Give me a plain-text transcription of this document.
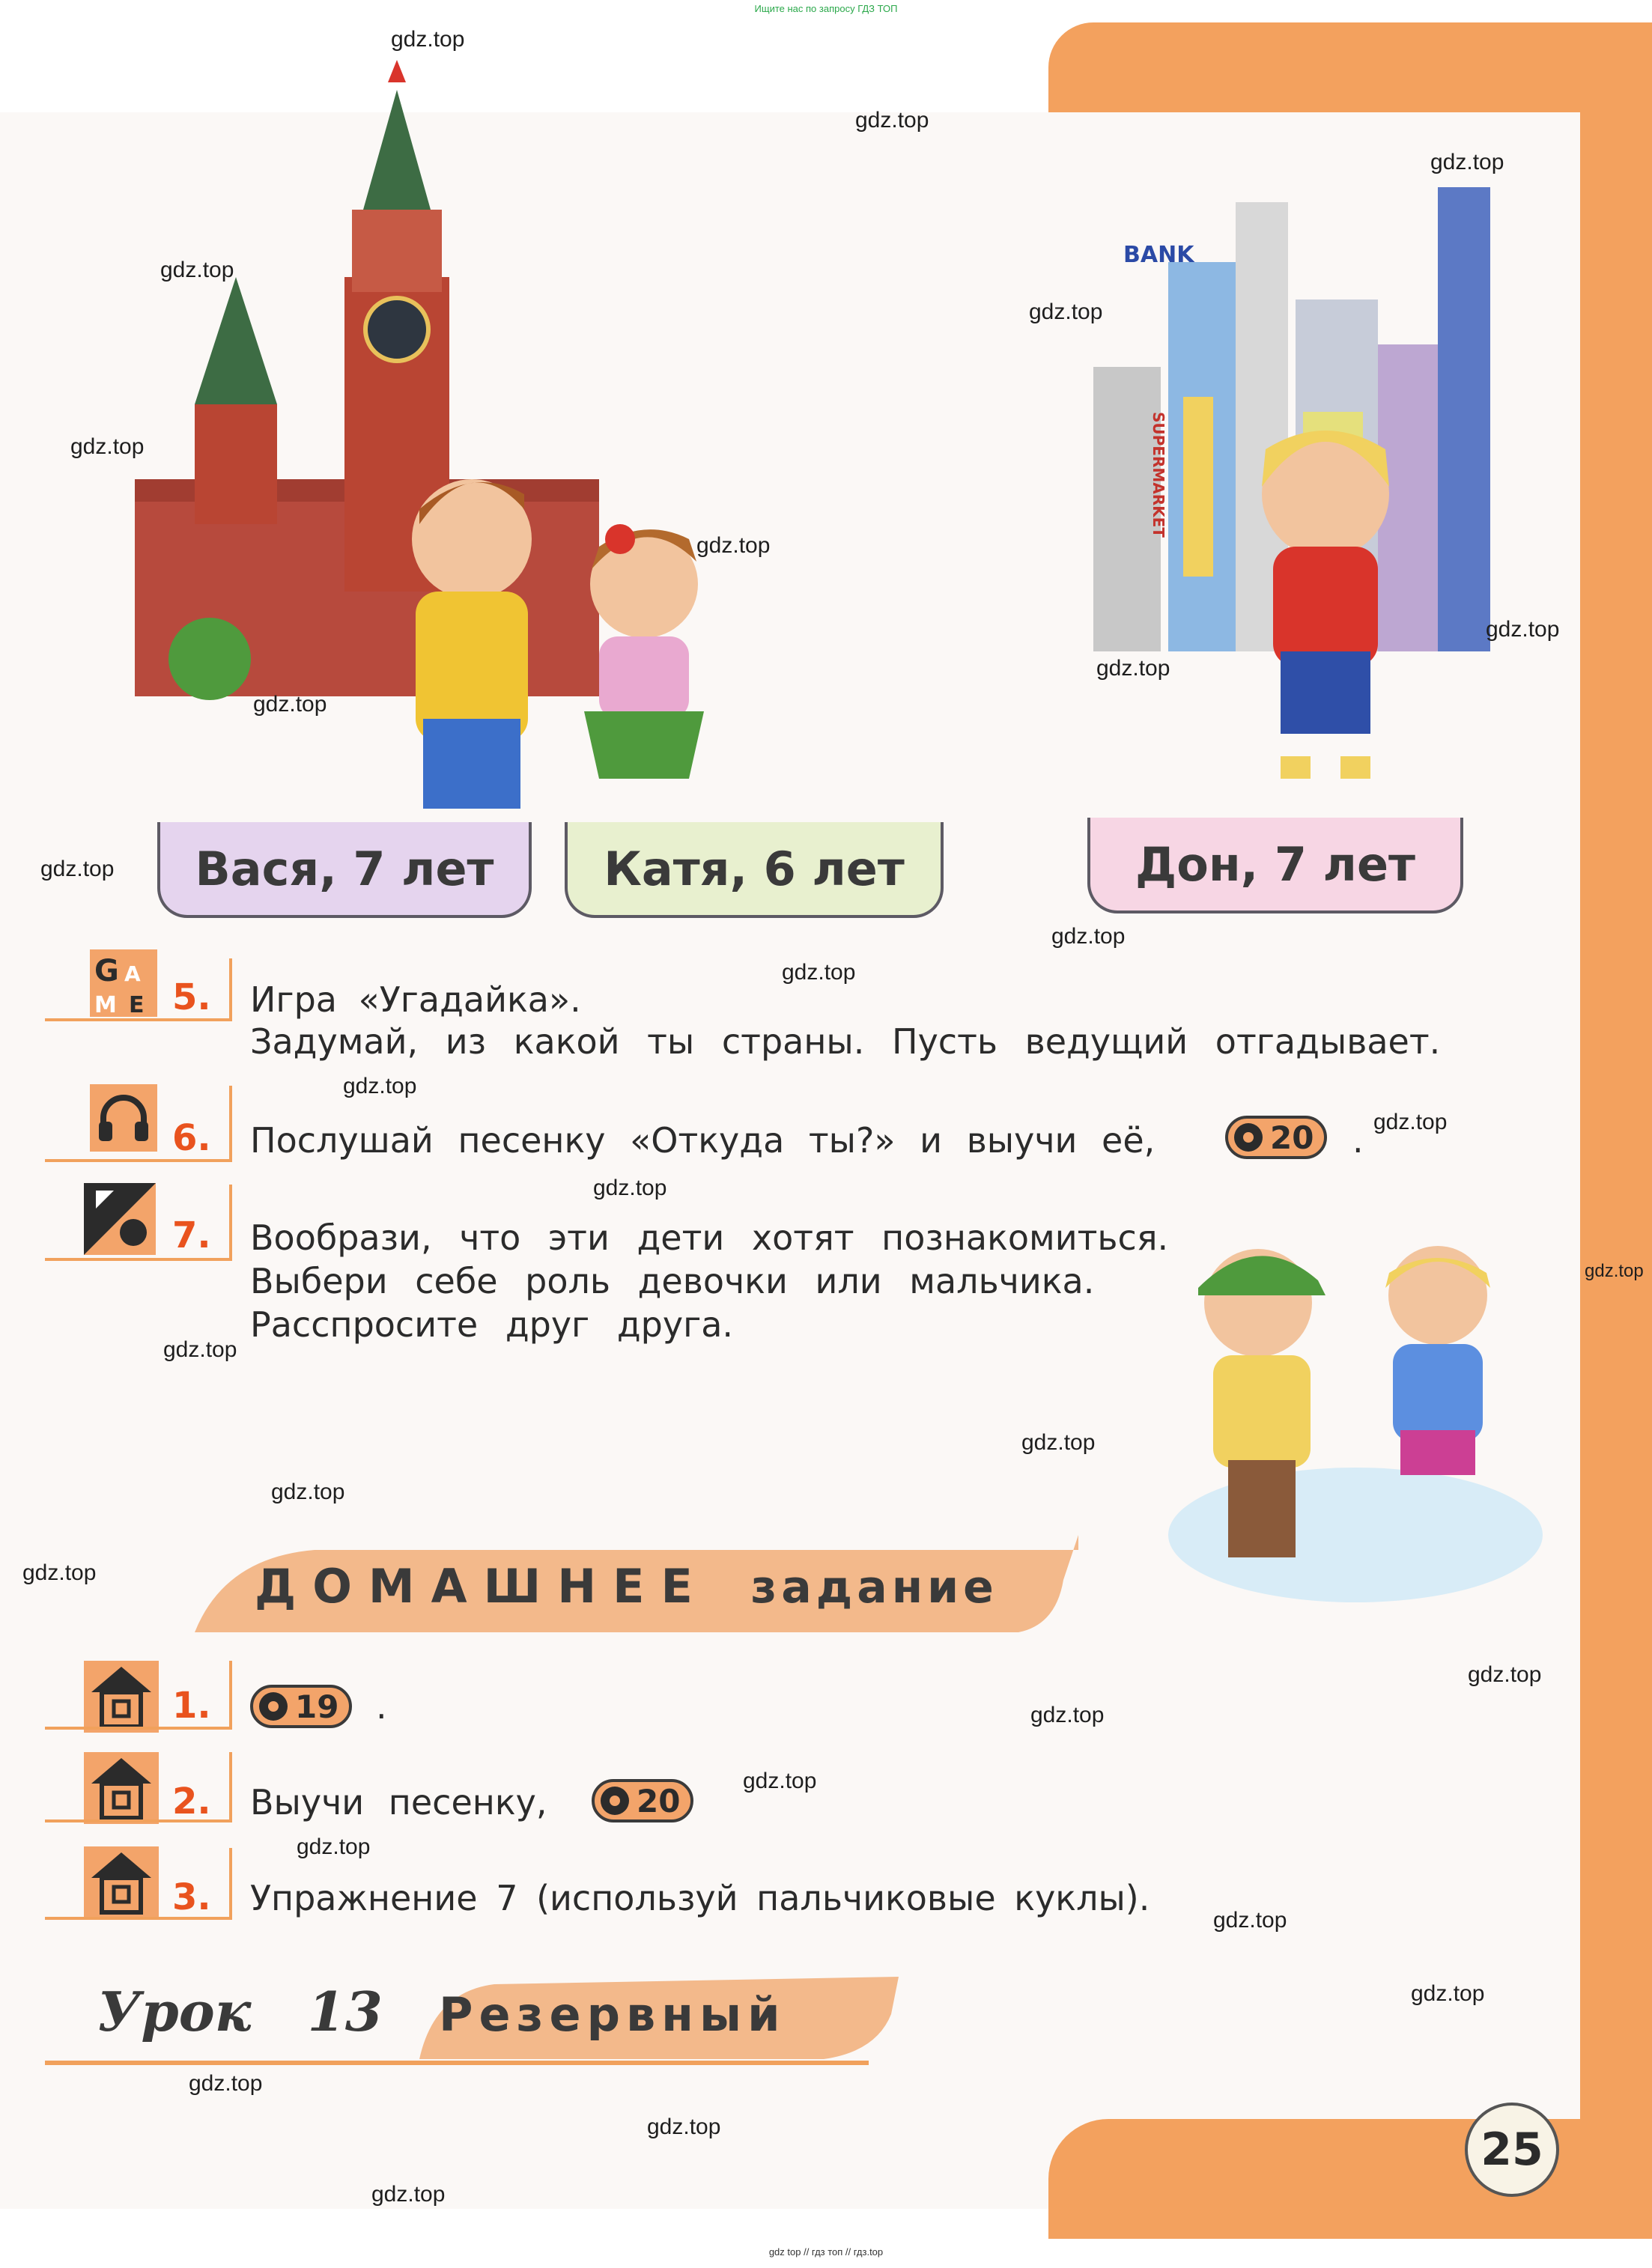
Ищите нас по запросу ГДЗ ТОП
BANK
SUPERMARKET
Вася, 7 лет	Катя, 6 лет	Дон, 7 лет
G A
M E 5. Игра «Угадайка».
Задумай, из какой ты страны. Пусть ведущий отгадывает.
6. Послушай песенку «Откуда ты?» и выучи её,	20 .
7. Вообрази, что эти дети хотят познакомиться.
Выбери себе роль девочки или мальчика.
Расспросите друг друга.
ДОМАШНЕЕ задание
1.	19 .
2. Выучи песенку,	20
3. Упражнение 7 (используй пальчиковые куклы).
Урок 13 Резервный
25
gdz.top
gdz.top
gdz.top
gdz.top
gdz.top
gdz.top
gdz.top
gdz.top
gdz.top
gdz.top
gdz.top
gdz.top
gdz.top
gdz.top
gdz.top
gdz.top
gdz.top
gdz.top
gdz.top
gdz.top
gdz.top
gdz.top
gdz.top
gdz.top
gdz.top
gdz.top
gdz.top
gdz.top
gdz.top
gdz.top
gdz top // гдз топ // гдз.top
